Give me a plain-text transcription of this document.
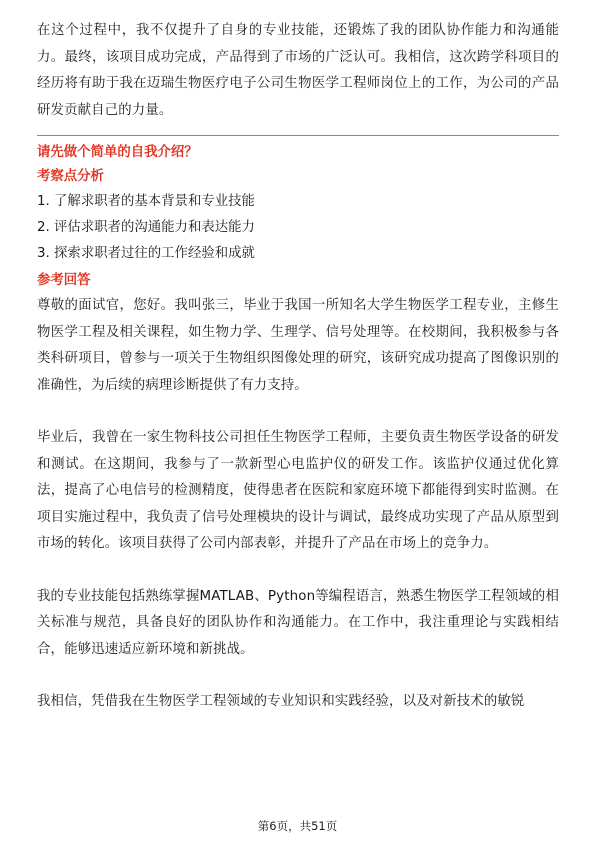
在这个过程中，我不仅提升了自身的专业技能，还锻炼了我的团队协作能力和沟通能力。最终，该项目成功完成，产品得到了市场的广泛认可。我相信，这次跨学科项目的经历将有助于我在迈瑞生物医疗电子公司生物医学工程师岗位上的工作，为公司的产品研发贡献自己的力量。

请先做个简单的自我介绍？
考察点分析
1. 了解求职者的基本背景和专业技能
2. 评估求职者的沟通能力和表达能力
3. 探索求职者过往的工作经验和成就
参考回答

尊敬的面试官，您好。我叫张三，毕业于我国一所知名大学生物医学工程专业，主修生物医学工程及相关课程，如生物力学、生理学、信号处理等。在校期间，我积极参与各类科研项目，曾参与一项关于生物组织图像处理的研究，该研究成功提高了图像识别的准确性，为后续的病理诊断提供了有力支持。

毕业后，我曾在一家生物科技公司担任生物医学工程师，主要负责生物医学设备的研发和测试。在这期间，我参与了一款新型心电监护仪的研发工作。该监护仪通过优化算法，提高了心电信号的检测精度，使得患者在医院和家庭环境下都能得到实时监测。在项目实施过程中，我负责了信号处理模块的设计与调试，最终成功实现了产品从原型到市场的转化。该项目获得了公司内部表彰，并提升了产品在市场上的竞争力。

我的专业技能包括熟练掌握MATLAB、Python等编程语言，熟悉生物医学工程领域的相关标准与规范，具备良好的团队协作和沟通能力。在工作中，我注重理论与实践相结合，能够迅速适应新环境和新挑战。

我相信，凭借我在生物医学工程领域的专业知识和实践经验，以及对新技术的敏锐

第6页，共51页
